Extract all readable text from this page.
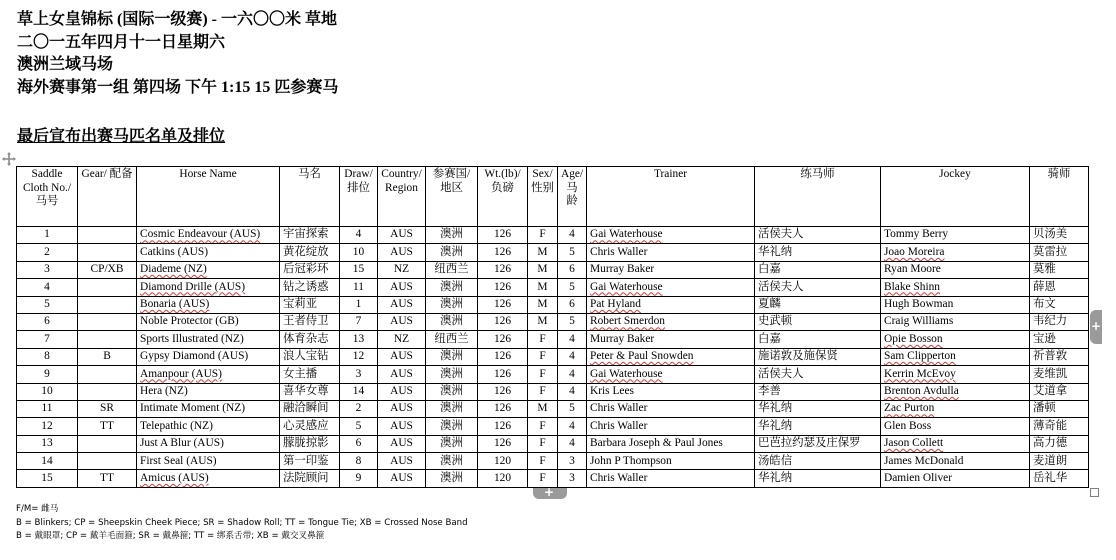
草上女皇锦标 (国际一级赛) - 一六〇〇米 草地
二〇一五年四月十一日星期六
澳洲兰域马场
海外赛事第一组 第四场 下午 1:15 15 匹参赛马
最后宣布出赛马匹名单及排位
Saddle Cloth No./ 马号	Gear/ 配备	Horse Name	马名	Draw/ 排位	Country/ Region	参赛国/ 地区	Wt.(lb)/ 负磅	Sex/ 性别	Age/ 马龄	Trainer	练马师	Jockey	骑师
1		Cosmic Endeavour (AUS)	宇宙探索	4	AUS	澳洲	126	F	4	Gai Waterhouse	活侯夫人	Tommy Berry	贝汤美
2		Catkins (AUS)	黄花绽放	10	AUS	澳洲	126	M	5	Chris Waller	华礼纳	Joao Moreira	莫雷拉
3	CP/XB	Diademe (NZ)	后冠彩环	15	NZ	纽西兰	126	M	6	Murray Baker	白嘉	Ryan Moore	莫雅
4		Diamond Drille (AUS)	钻之诱惑	11	AUS	澳洲	126	M	5	Gai Waterhouse	活侯夫人	Blake Shinn	薛恩
5		Bonaria (AUS)	宝莉亚	1	AUS	澳洲	126	M	6	Pat Hyland	夏麟	Hugh Bowman	布文
6		Noble Protector (GB)	王者侍卫	7	AUS	澳洲	126	M	5	Robert Smerdon	史武顿	Craig Williams	韦纪力
7		Sports Illustrated (NZ)	体育杂志	13	NZ	纽西兰	126	F	4	Murray Baker	白嘉	Opie Bosson	宝逊
8	B	Gypsy Diamond (AUS)	浪人宝钻	12	AUS	澳洲	126	F	4	Peter & Paul Snowden	施诺敦及施保贤	Sam Clipperton	祈普敦
9		Amanpour (AUS)	女主播	3	AUS	澳洲	126	F	4	Gai Waterhouse	活侯夫人	Kerrin McEvoy	麦维凯
10		Hera (NZ)	喜华女尊	14	AUS	澳洲	126	F	4	Kris Lees	李善	Brenton Avdulla	艾道拿
11	SR	Intimate Moment (NZ)	融洽瞬间	2	AUS	澳洲	126	M	5	Chris Waller	华礼纳	Zac Purton	潘顿
12	TT	Telepathic (NZ)	心灵感应	5	AUS	澳洲	126	F	4	Chris Waller	华礼纳	Glen Boss	薄奇能
13		Just A Blur (AUS)	朦胧掠影	6	AUS	澳洲	126	F	4	Barbara Joseph & Paul Jones	巴芭拉约瑟及庄保罗	Jason Collett	高力德
14		First Seal (AUS)	第一印鉴	8	AUS	澳洲	120	F	3	John P Thompson	汤皓信	James McDonald	麦道朗
15	TT	Amicus (AUS)	法院顾问	9	AUS	澳洲	120	F	3	Chris Waller	华礼纳	Damien Oliver	岳礼华
+
+
F/M= 雌马
B = Blinkers; CP = Sheepskin Cheek Piece; SR = Shadow Roll; TT = Tongue Tie; XB = Crossed Nose Band
B = 戴眼罩; CP = 戴羊毛面箍; SR = 戴鼻箍; TT = 绑系舌带; XB = 戴交叉鼻箍
